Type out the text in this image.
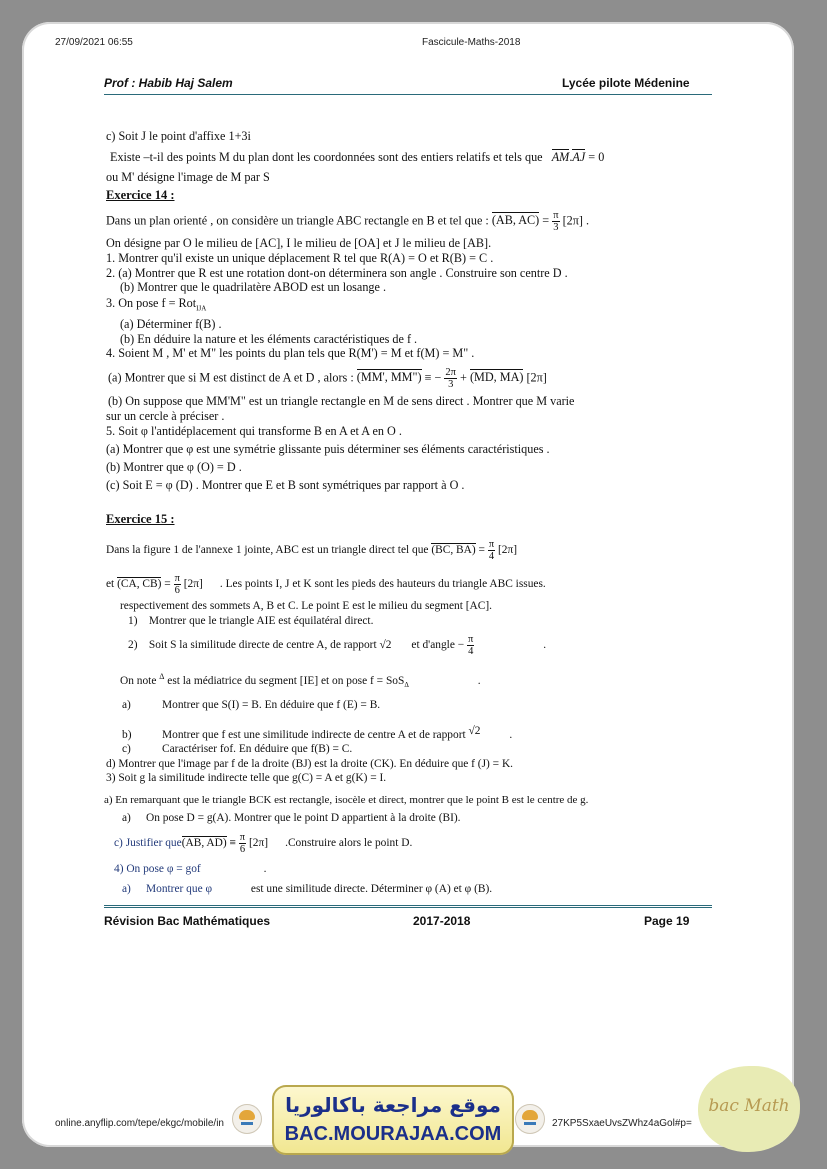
27/09/2021 06:55	Fascicule-Maths-2018
Prof : Habib Haj Salem	Lycée pilote Médenine
c) Soit J le point d'affixe 1+3i
Existe –t-il des points M du plan dont les coordonnées sont des entiers relatifs et tels que AM.AJ = 0
ou M' désigne l'image de M par S
Exercice 14 :
Dans un plan orienté , on considère un triangle ABC rectangle en B et tel que : (AB, $AC) = \frac{\pi}{3} [2\pi]$ .
On désigne par O le milieu de [AC], I le milieu de [OA] et J le milieu de [AB].
1. Montrer qu'il existe un unique déplacement R tel que R(A) = O et R(B) = C .
2. (a) Montrer que R est une rotation dont-on déterminera son angle . Construire son centre D .
(b) Montrer que le quadrilatère ABOD est un losange .
3. On pose f = Rot$_{IJA}$
(a) Déterminer f(B) .
(b) En déduire la nature et les éléments caractéristiques de f .
4. Soient M , M' et M" les points du plan tels que R(M') = M et f(M) = M" .
(a) Montrer que si M est distinct de A et D , alors : (MM', MM") ≡ − $\frac{2\pi}{3} + (MD$, MA) [2π]
(b) On suppose que MM'M" est un triangle rectangle en M de sens direct . Montrer que M varie
sur un cercle à préciser .
5. Soit φ l'antidéplacement qui transforme B en A et A en O .
(a) Montrer que φ est une symétrie glissante puis déterminer ses éléments caractéristiques .
(b) Montrer que φ (O) = D .
(c) Soit E = φ (D) . Montrer que E et B sont symétriques par rapport à O .
Exercice 15 :
Dans la figure 1 de l'annexe 1 jointe, ABC est un triangle direct tel que (BC, $BA) = \frac{\pi}{4} [2\pi]$
et (CA, $CB) = \frac{\pi}{6} [2\pi]$ . Les points I, J et K sont les pieds des hauteurs du triangle ABC issues.
respectivement des sommets A, B et C. Le point E est le milieu du segment [AC].
1) Montrer que le triangle AIE est équilatéral direct.
2) Soit S la similitude directe de centre A, de rapport √2 et d'angle − $\frac{\pi}{4}$	.
On note $^\Delta$ est la médiatrice du segment [IE] et on pose f = SoS$_\Delta$	.
a)	Montrer que S(I) = B. En déduire que f (E) = B.
b)	Montrer que f est une similitude indirecte de centre A et de rapport √2	.
c)	Caractériser fof. En déduire que f(B) = C.
d) Montrer que l'image par f de la droite (BJ) est la droite (CK). En déduire que f (J) = K.
3) Soit g la similitude indirecte telle que g(C) = A et g(K) = I.
a) En remarquant que le triangle BCK est rectangle, isocèle et direct, montrer que le point B est le centre de g.
a) On pose D = g(A). Montrer que le point D appartient à la droite (BI).
c) Justifier que(AB, $AD) \equiv \frac{\pi}{6} [2\pi]$ .Construire alors le point D.
4) On pose φ = gof	.
a) Montrer que φ	est une similitude directe. Déterminer φ (A) et φ (B).
Révision Bac Mathématiques	2017-2018	Page 19
online.anyflip.com/tepe/ekgc/mobile/in	27KP5SxaeUvsZWhz4aGol#p=
موقع مراجعة باكالوريا
BAC.MOURAJAA.COM
bac Math
